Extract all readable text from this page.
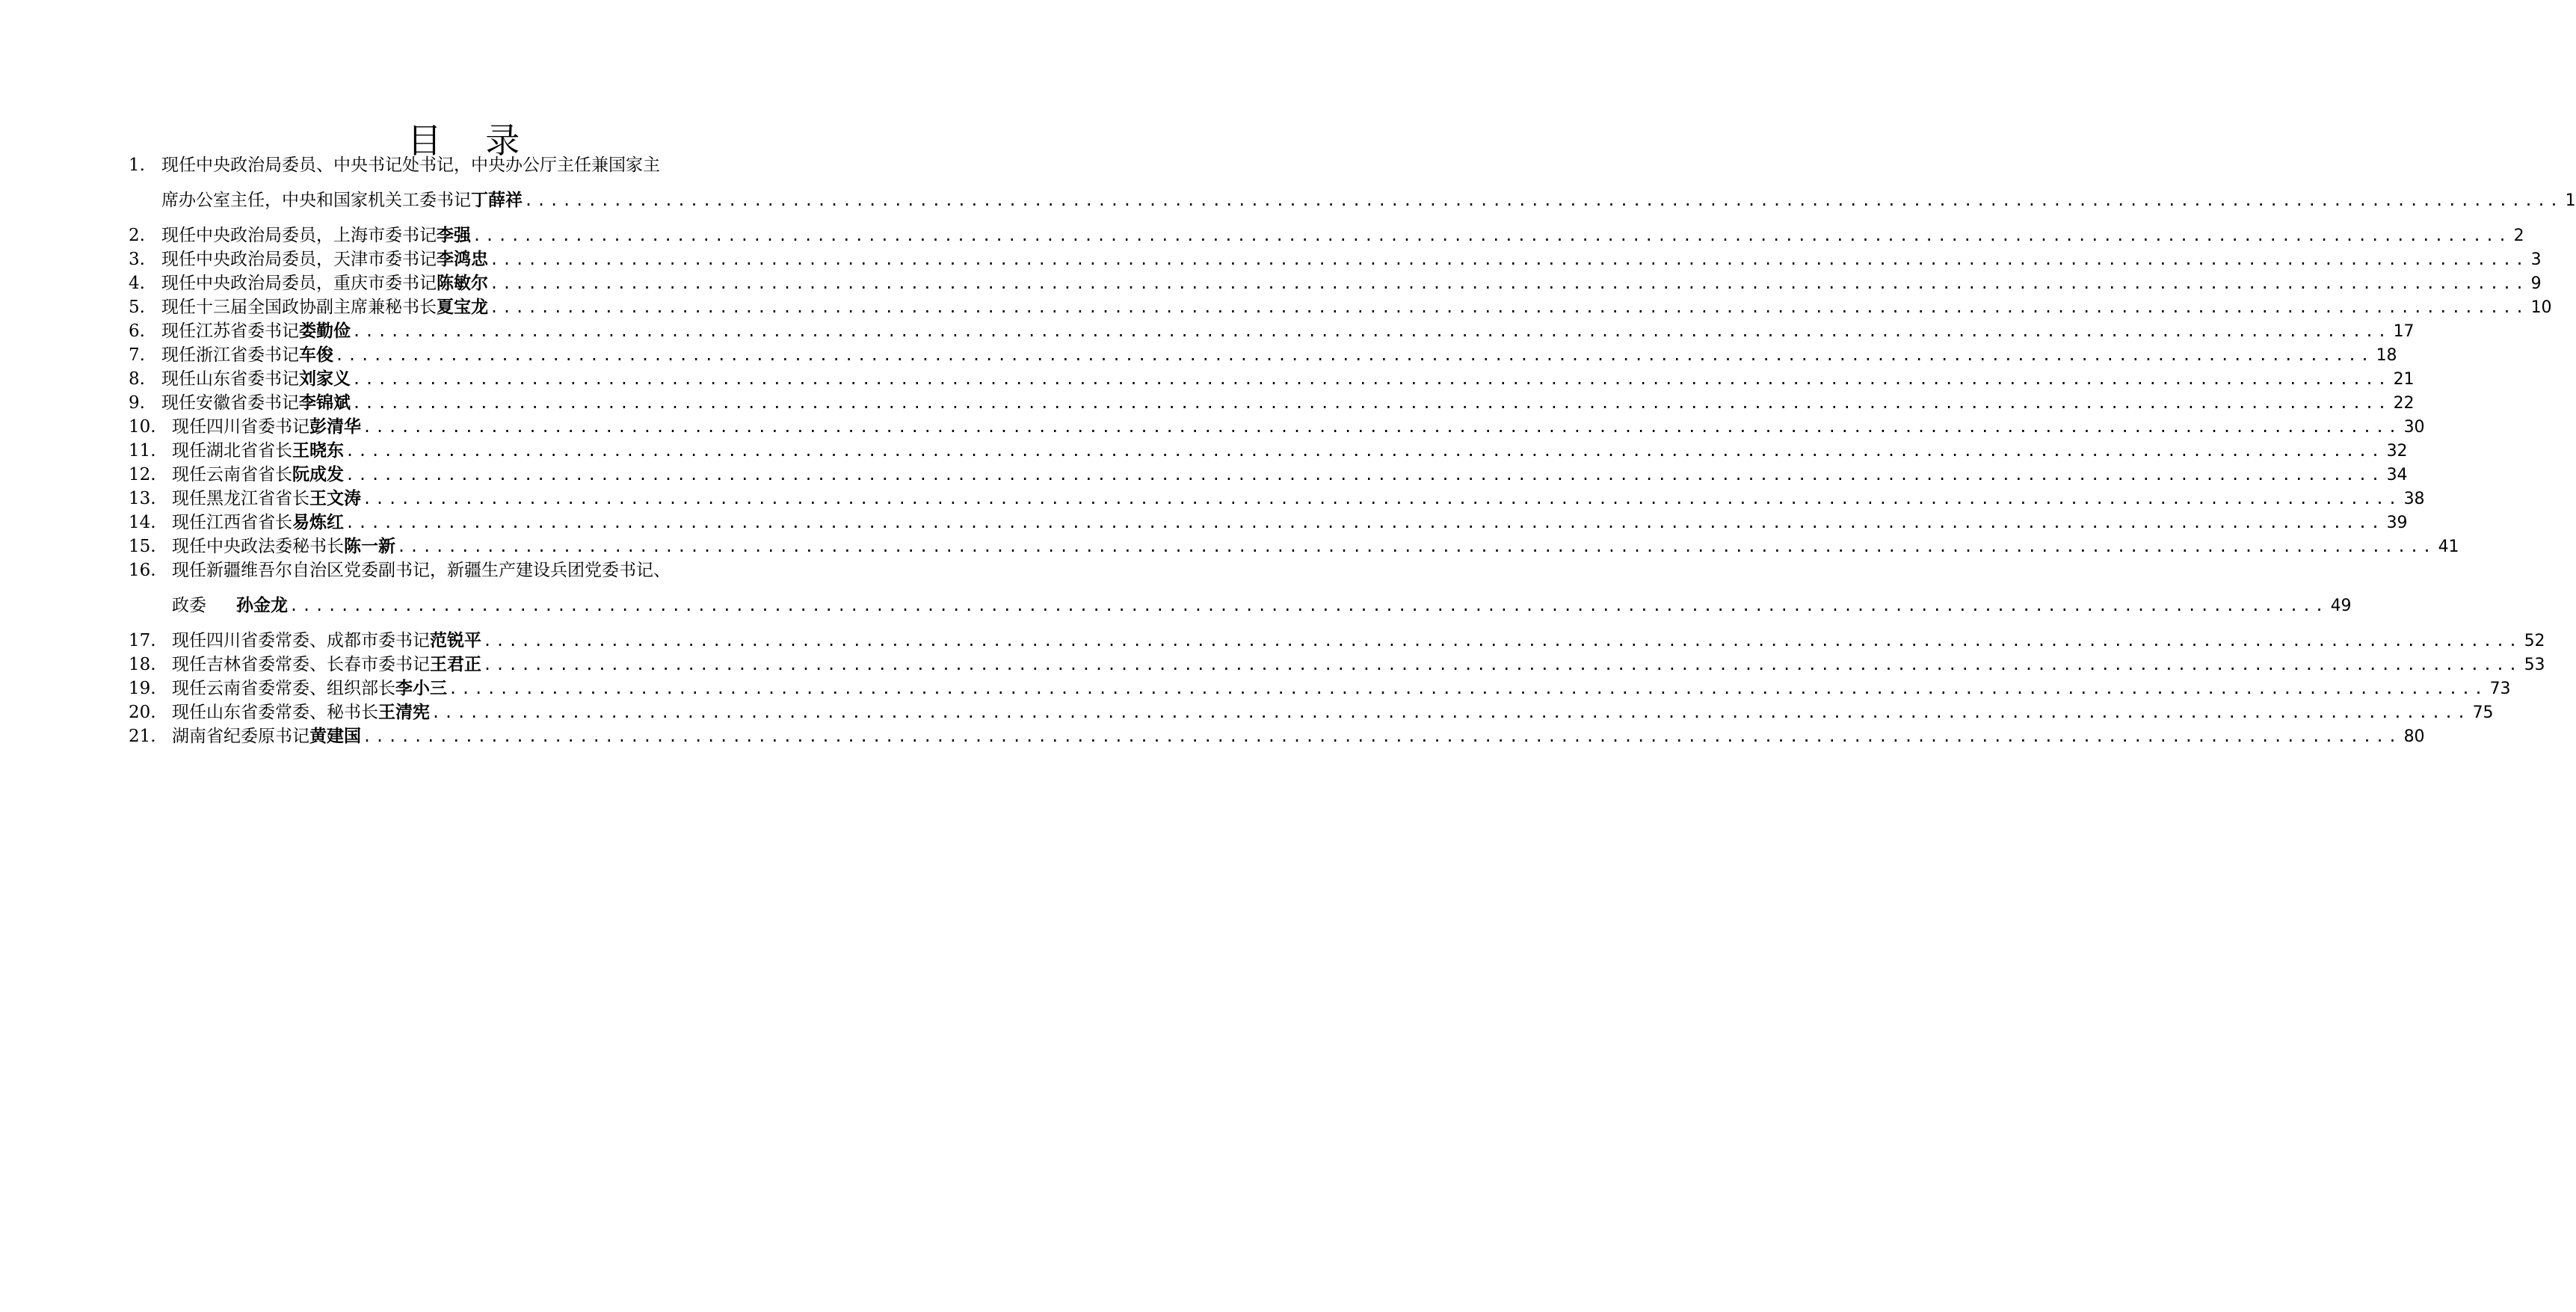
目 录
1. 现任中央政治局委员、中央书记处书记，中央办公厅主任兼国家主
席办公室主任，中央和国家机关工委书记 丁薛祥 ................................................................................................................................................................ 1
2. 现任中央政治局委员，上海市委书记 李强 ................................................................................................................................................................ 2
3. 现任中央政治局委员，天津市委书记 李鸿忠 ................................................................................................................................................................ 3
4. 现任中央政治局委员，重庆市委书记 陈敏尔 ................................................................................................................................................................ 9
5. 现任十三届全国政协副主席兼秘书长 夏宝龙 ................................................................................................................................................................ 10
6. 现任江苏省委书记 娄勤俭 ................................................................................................................................................................ 17
7. 现任浙江省委书记 车俊 ................................................................................................................................................................ 18
8. 现任山东省委书记 刘家义 ................................................................................................................................................................ 21
9. 现任安徽省委书记 李锦斌 ................................................................................................................................................................ 22
10. 现任四川省委书记 彭清华 ................................................................................................................................................................ 30
11. 现任湖北省省长 王晓东 ................................................................................................................................................................ 32
12. 现任云南省省长 阮成发 ................................................................................................................................................................ 34
13. 现任黑龙江省省长 王文涛 ................................................................................................................................................................ 38
14. 现任江西省省长 易炼红 ................................................................................................................................................................ 39
15. 现任中央政法委秘书长 陈一新 ................................................................................................................................................................ 41
16. 现任新疆维吾尔自治区党委副书记，新疆生产建设兵团党委书记、
政委 孙金龙 ................................................................................................................................................................ 49
17. 现任四川省委常委、成都市委书记 范锐平 ................................................................................................................................................................ 52
18. 现任吉林省委常委、长春市委书记 王君正 ................................................................................................................................................................ 53
19. 现任云南省委常委、组织部长 李小三 ................................................................................................................................................................ 73
20. 现任山东省委常委、秘书长 王清宪 ................................................................................................................................................................ 75
21. 湖南省纪委原书记 黄建国 ................................................................................................................................................................ 80
